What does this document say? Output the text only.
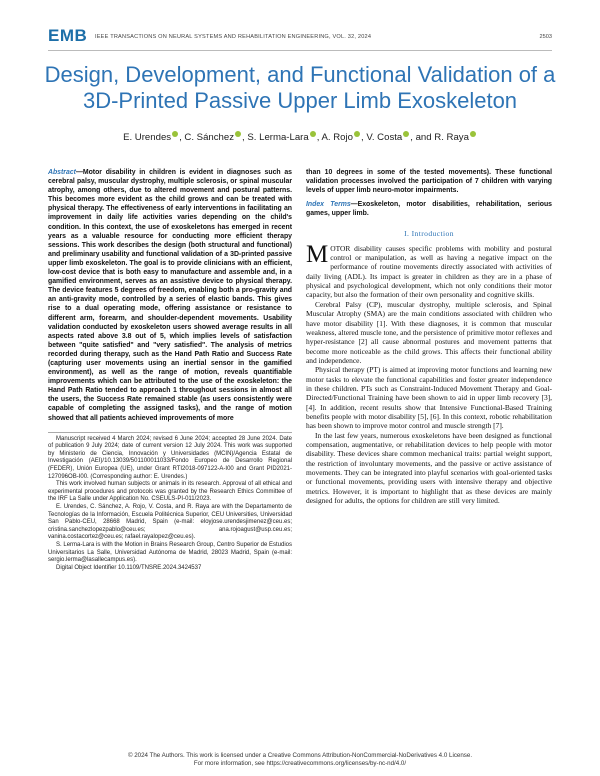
EMB IEEE TRANSACTIONS ON NEURAL SYSTEMS AND REHABILITATION ENGINEERING, VOL. 32, 2024	2503
Design, Development, and Functional Validation of a 3D-Printed Passive Upper Limb Exoskeleton
E. Urendes , C. Sánchez , S. Lerma-Lara , A. Rojo , V. Costa , and R. Raya
Abstract—Motor disability in children is evident in diagnoses such as cerebral palsy, muscular dystrophy, multiple sclerosis, or spinal muscular atrophy, among others, due to altered movement and postural patterns. This becomes more evident as the child grows and can be treated with physical therapy. The effectiveness of early interventions in facilitating an improvement in daily life activities varies depending on the child's condition. In this context, the use of exoskeletons has emerged in recent years as a valuable resource for conducting more efficient therapy sessions. This work describes the design (both structural and functional) and preliminary usability and functional validation of a 3D-printed passive upper limb exoskeleton. The goal is to provide clinicians with an efficient, low-cost device that is both easy to manufacture and assemble and, in a gamified environment, serves as an assistive device to physical therapy. The device features 5 degrees of freedom, enabling both a pro-gravity and an anti-gravity mode, controlled by a series of elastic bands. This gives rise to a dual operating mode, offering assistance or resistance to different arm, forearm, and shoulder-dependent movements. Usability validation conducted by exoskeleton users showed average results in all aspects rated above 3.8 out of 5, which implies levels of satisfaction between "quite satisfied" and "very satisfied". The analysis of metrics recorded during therapy, such as the Hand Path Ratio and Success Rate (capturing user movements using an inertial sensor in the gamified environment), as well as the range of motion, reveals quantifiable improvements which can be attributed to the use of the exoskeleton: the Hand Path Ratio tended to approach 1 throughout sessions in almost all the users, the Success Rate remained stable (as users consistently were capable of completing the assigned tasks), and the range of motion showed that all patients achieved improvements of more

Manuscript received 4 March 2024; revised 6 June 2024; accepted 28 June 2024. Date of publication 9 July 2024; date of current version 12 July 2024. This work was supported by Ministerio de Ciencia, Innovación y Universidades (MCIN)/Agencia Estatal de Investigación (AEI)/10.13039/501100011033/Fondo Europeo de Desarrollo Regional (FEDER), Unión Europea (UE), under Grant RTI2018-097122-A-I00 and Grant PID2021-127096OB-I00. (Corresponding author: E. Urendes.)

This work involved human subjects or animals in its research. Approval of all ethical and experimental procedures and protocols was granted by the Research Ethics Committee of the IRF La Salle under Application No. CSEULS-PI-011/2023.

E. Urendes, C. Sánchez, A. Rojo, V. Costa, and R. Raya are with the Departamento de Tecnologías de la Información, Escuela Politécnica Superior, CEU Universities, Universidad San Pablo-CEU, 28668 Madrid, Spain (e-mail: eloyjose.urendesjimenez@ceu.es; cristina.sanchezlopezpablo@ceu.es; ana.rojoagust@usp.ceu.es; vanina.costacortez@ceu.es; rafael.rayalopez@ceu.es).

S. Lerma-Lara is with the Motion in Brains Research Group, Centro Superior de Estudios Universitarios La Salle, Universidad Autónoma de Madrid, 28023 Madrid, Spain (e-mail: sergio.lerma@lasallecampus.es).

Digital Object Identifier 10.1109/TNSRE.2024.3424537

than 10 degrees in some of the tested movements). These functional validation processes involved the participation of 7 children with varying levels of upper limb neuro-motor impairments.
Index Terms—Exoskeleton, motor disabilities, rehabilitation, serious games, upper limb.
I. Introduction

MOTOR disability causes specific problems with mobility and postural control or manipulation, as well as having a negative impact on the performance of routine movements directly associated with activities of daily living (ADL). Its impact is greater in children as they are in a phase of physical and psychological development, which not only conditions their motor capacity, but also the formation of their own personality and cognitive skills.

Cerebral Palsy (CP), muscular dystrophy, multiple sclerosis, and Spinal Muscular Atrophy (SMA) are the main conditions associated with children who have motor disability [1]. With these diagnoses, it is common that muscular weakness, altered muscle tone, and the persistence of primitive motor reflexes and hyper-resistance [2] all cause abnormal postures and movement patterns that become more noticeable as the child grows. This affects their functional ability and independence.

Physical therapy (PT) is aimed at improving motor functions and learning new motor tasks to elevate the functional capabilities and foster greater independence in these children. PTs such as Constraint-Induced Movement Therapy and Goal-Directed/Functional Training have been shown to aid in upper limb recovery [3], [4]. In addition, recent results show that Intensive Functional-Based Training benefits people with motor disability [5], [6]. In this context, robotic rehabilitation has been shown to improve motor control and muscle strength [7].

In the last few years, numerous exoskeletons have been designed as functional compensation, augmentative, or rehabilitation devices to help people with motor disability. These devices share common mechanical traits: partial weight support, the restriction of involuntary movements, and the passive or active assistance of movements. They can be integrated into playful scenarios with goal-oriented tasks or functional movements, providing users with intensive therapy and objective metrics. However, it is important to highlight that as these devices are mainly designed for adults, the options for children are still very limited.

© 2024 The Authors. This work is licensed under a Creative Commons Attribution-NonCommercial-NoDerivatives 4.0 License.
For more information, see https://creativecommons.org/licenses/by-nc-nd/4.0/
